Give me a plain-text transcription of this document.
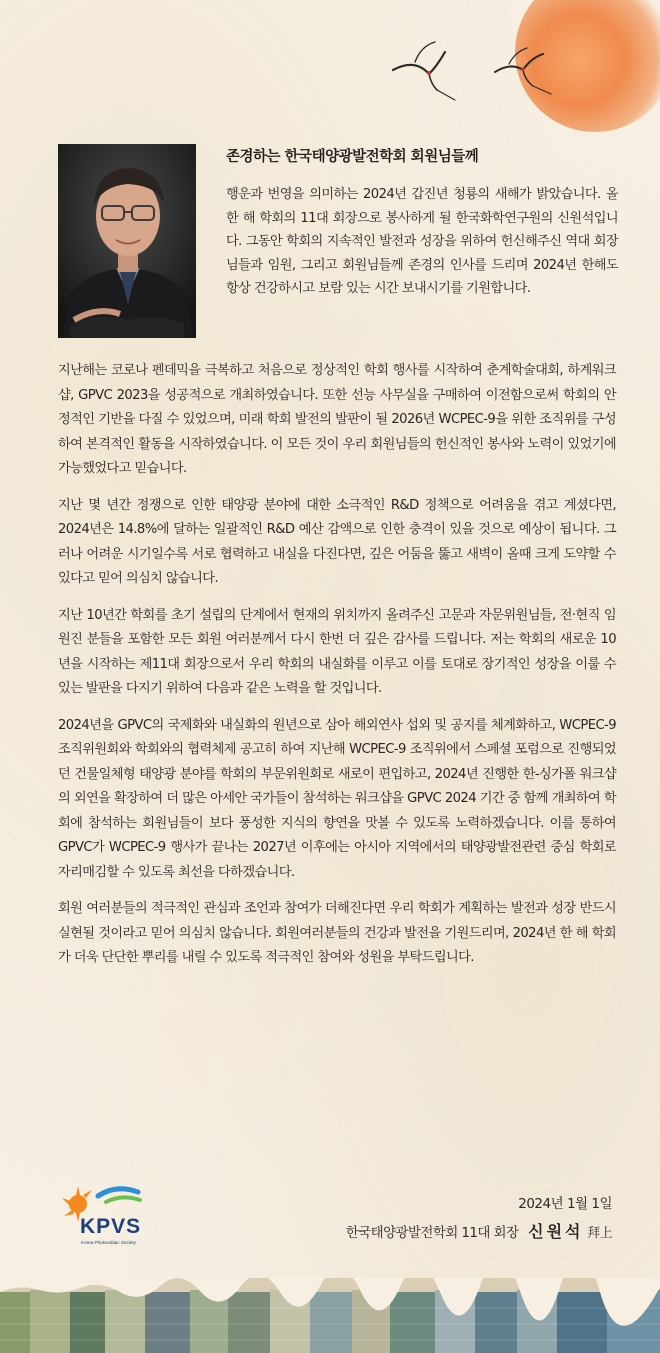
존경하는 한국태양광발전학회 회원님들께
행운과 번영을 의미하는 2024년 갑진년 청룡의 새해가 밝았습니다. 올 한 해 학회의 11대 회장으로 봉사하게 될 한국화학연구원의 신원석입니다. 그동안 학회의 지속적인 발전과 성장을 위하여 헌신해주신 역대 회장님들과 임원, 그리고 회원님들께 존경의 인사를 드리며 2024년 한해도 항상 건강하시고 보람 있는 시간 보내시기를 기원합니다.

지난해는 코로나 펜데믹을 극복하고 처음으로 정상적인 학회 행사를 시작하여 춘계학술대회, 하계워크샵, GPVC 2023을 성공적으로 개최하였습니다. 또한 선능 사무실을 구매하여 이전함으로써 학회의 안정적인 기반을 다질 수 있었으며, 미래 학회 발전의 발판이 될 2026년 WCPEC-9을 위한 조직위를 구성하여 본격적인 활동을 시작하였습니다. 이 모든 것이 우리 회원님들의 헌신적인 봉사와 노력이 있었기에 가능했었다고 믿습니다.

지난 몇 년간 정쟁으로 인한 태양광 분야에 대한 소극적인 R&D 정책으로 어려움을 겪고 계셨다면, 2024년은 14.8%에 달하는 일괄적인 R&D 예산 감액으로 인한 충격이 있을 것으로 예상이 됩니다. 그러나 어려운 시기일수록 서로 협력하고 내실을 다진다면, 깊은 어둠을 뚫고 새벽이 올때 크게 도약할 수 있다고 믿어 의심치 않습니다.

지난 10년간 학회를 초기 설립의 단계에서 현재의 위치까지 올려주신 고문과 자문위원님들, 전·현직 임원진 분들을 포함한 모든 회원 여러분께서 다시 한번 더 깊은 감사를 드립니다. 저는 학회의 새로운 10년을 시작하는 제11대 회장으로서 우리 학회의 내실화를 이루고 이를 토대로 장기적인 성장을 이룰 수 있는 발판을 다지기 위하여 다음과 같은 노력을 할 것입니다.

2024년을 GPVC의 국제화와 내실화의 원년으로 삼아 해외연사 섭외 및 공지를 체계화하고, WCPEC-9 조직위원회와 학회와의 협력체제 공고히 하여 지난해 WCPEC-9 조직위에서 스페셜 포럼으로 진행되었던 건물일체형 태양광 분야를 학회의 부문위원회로 새로이 편입하고, 2024년 진행한 한-싱가폴 워크샵의 외연을 확장하여 더 많은 아세안 국가들이 참석하는 워크샵을 GPVC 2024 기간 중 함께 개최하여 학회에 참석하는 회원님들이 보다 풍성한 지식의 향연을 맛볼 수 있도록 노력하겠습니다. 이를 통하여 GPVC가 WCPEC-9 행사가 끝나는 2027년 이후에는 아시아 지역에서의 태양광발전관련 중심 학회로 자리매김할 수 있도록 최선을 다하겠습니다.

회원 여러분들의 적극적인 관심과 조언과 참여가 더해진다면 우리 학회가 계획하는 발전과 성장 반드시 실현될 것이라고 믿어 의심치 않습니다. 회원여러분들의 건강과 발전을 기원드리며, 2024년 한 해 학회가 더욱 단단한 뿌리를 내릴 수 있도록 적극적인 참여와 성원을 부탁드립니다.

KPVS
Korea Photovoltaic Society
2024년 1월 1일
한국태양광발전학회 11대 회장 신원석 拜上
